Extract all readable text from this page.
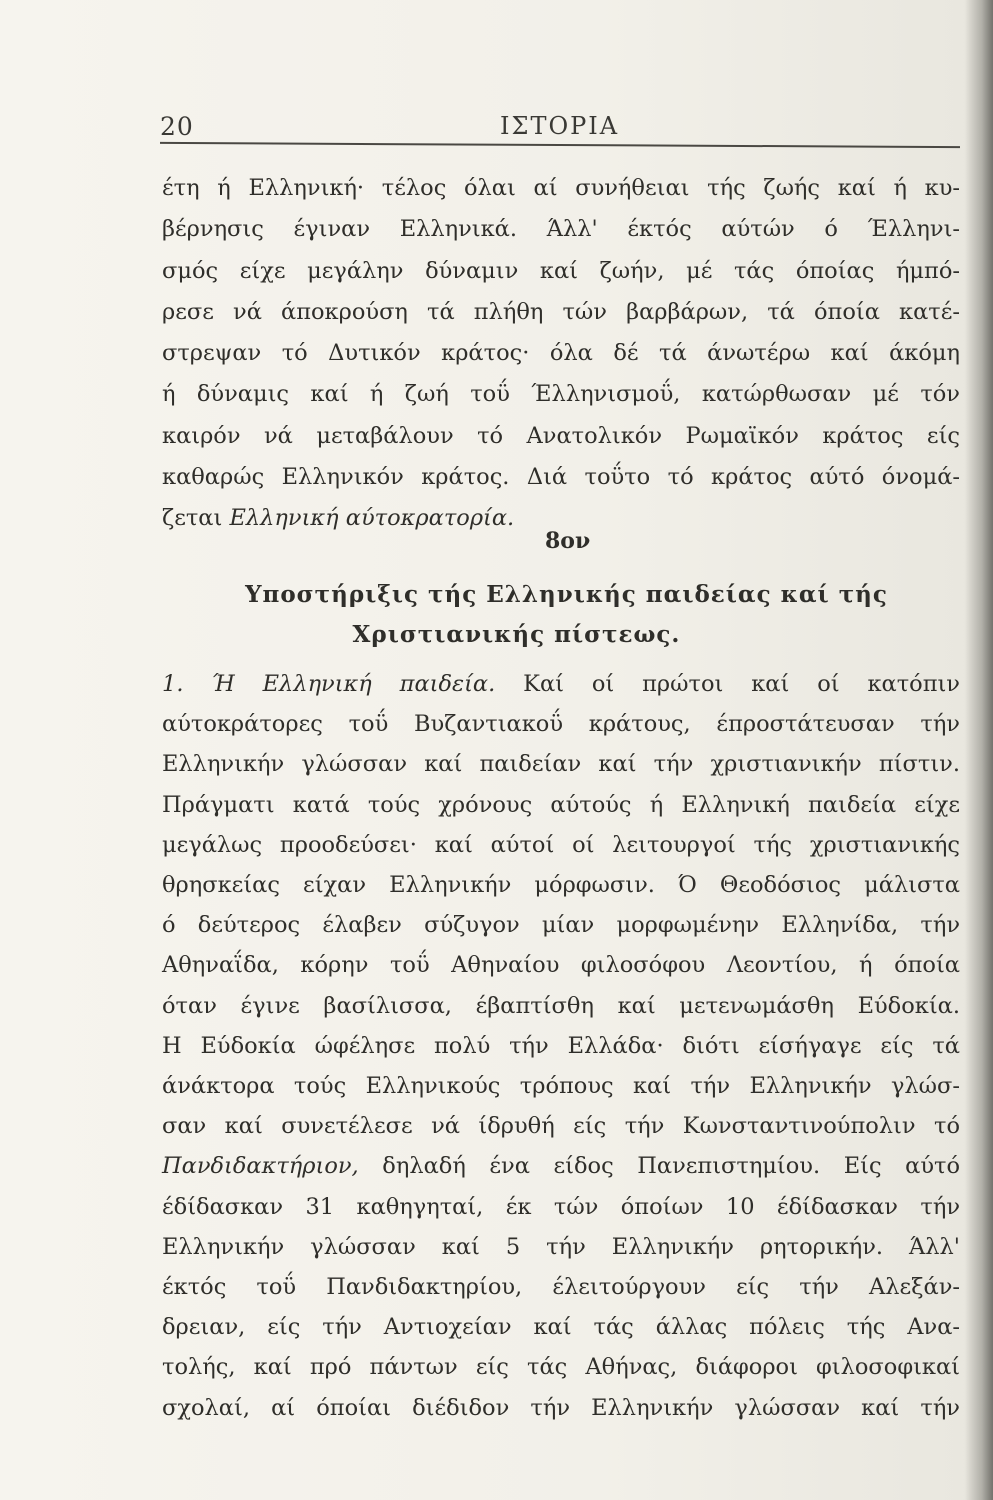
20	ΙΣΤΟΡΙΑ
έτη ή Ελληνική· τέλος όλαι αί συνήθειαι τής ζωής καί ή κυ-
βέρνησις έγιναν Ελληνικά. Άλλ' έκτός αύτών ό Έλληνι-
σμός είχε μεγάλην δύναμιν καί ζωήν, μέ τάς όποίας ήμπό-
ρεσε νά άποκρούση τά πλήθη τών βαρβάρων, τά όποία κατέ-
στρεψαν τό Δυτικόν κράτος· όλα δέ τά άνωτέρω καί άκόμη
ή δύναμις καί ή ζωή τοΰ Έλληνισμοΰ, κατώρθωσαν μέ τόν
καιρόν νά μεταβάλουν τό Ανατολικόν Ρωμαϊκόν κράτος είς
καθαρώς Ελληνικόν κράτος. Διά τοΰτο τό κράτος αύτό όνομά-
ζεται Ελληνική αύτοκρατορία.
8ον
Υποστήριξις τής Ελληνικής παιδείας καί τής
Χριστιανικής πίστεως.
1. Ή Ελληνική παιδεία. Καί οί πρώτοι καί οί κατόπιν
αύτοκράτορες τοΰ Βυζαντιακοΰ κράτους, έπροστάτευσαν τήν
Ελληνικήν γλώσσαν καί παιδείαν καί τήν χριστιανικήν πίστιν.
Πράγματι κατά τούς χρόνους αύτούς ή Ελληνική παιδεία είχε
μεγάλως προοδεύσει· καί αύτοί οί λειτουργοί τής χριστιανικής
θρησκείας είχαν Ελληνικήν μόρφωσιν. Ό Θεοδόσιος μάλιστα
ό δεύτερος έλαβεν σύζυγον μίαν μορφωμένην Ελληνίδα, τήν
Αθηναΐδα, κόρην τοΰ Αθηναίου φιλοσόφου Λεοντίου, ή όποία
όταν έγινε βασίλισσα, έβαπτίσθη καί μετενωμάσθη Εύδοκία.
Η Εύδοκία ώφέλησε πολύ τήν Ελλάδα· διότι είσήγαγε είς τά
άνάκτορα τούς Ελληνικούς τρόπους καί τήν Ελληνικήν γλώσ-
σαν καί συνετέλεσε νά ίδρυθή είς τήν Κωνσταντινούπολιν τό
Πανδιδακτήριον, δηλαδή ένα είδος Πανεπιστημίου. Είς αύτό
έδίδασκαν 31 καθηγηταί, έκ τών όποίων 10 έδίδασκαν τήν
Ελληνικήν γλώσσαν καί 5 τήν Ελληνικήν ρητορικήν. Άλλ'
έκτός τοΰ Πανδιδακτηρίου, έλειτούργουν είς τήν Αλεξάν-
δρειαν, είς τήν Αντιοχείαν καί τάς άλλας πόλεις τής Ανα-
τολής, καί πρό πάντων είς τάς Αθήνας, διάφοροι φιλοσοφικαί
σχολαί, αί όποίαι διέδιδον τήν Ελληνικήν γλώσσαν καί τήν
